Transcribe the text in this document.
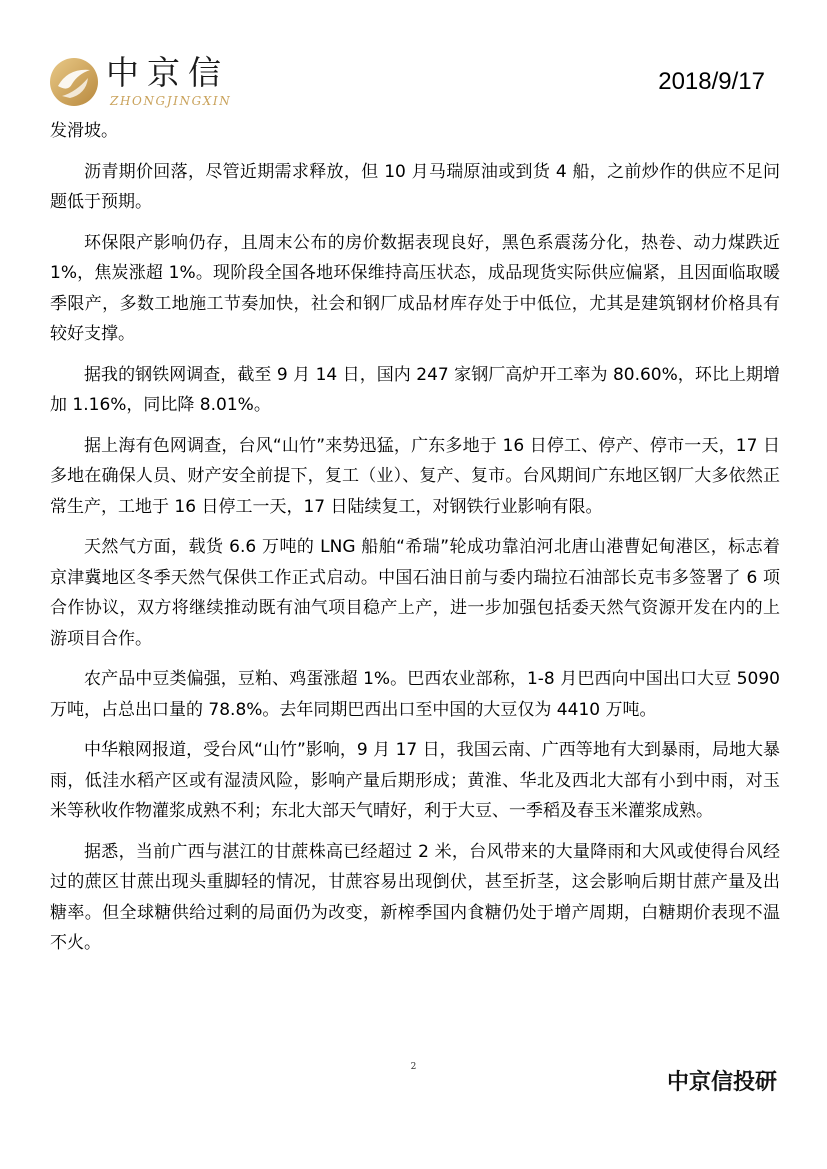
中京信
ZHONGJINGXIN
2018/9/17

发滑坡。

沥青期价回落，尽管近期需求释放，但 10 月马瑞原油或到货 4 船，之前炒作的供应不足问题低于预期。

环保限产影响仍存，且周末公布的房价数据表现良好，黑色系震荡分化，热卷、动力煤跌近 1%，焦炭涨超 1%。现阶段全国各地环保维持高压状态，成品现货实际供应偏紧，且因面临取暖季限产，多数工地施工节奏加快，社会和钢厂成品材库存处于中低位，尤其是建筑钢材价格具有较好支撑。

据我的钢铁网调查，截至 9 月 14 日，国内 247 家钢厂高炉开工率为 80.60%，环比上期增加 1.16%，同比降 8.01%。

据上海有色网调查，台风“山竹”来势迅猛，广东多地于 16 日停工、停产、停市一天，17 日多地在确保人员、财产安全前提下，复工（业）、复产、复市。台风期间广东地区钢厂大多依然正常生产，工地于 16 日停工一天，17 日陆续复工，对钢铁行业影响有限。

天然气方面，载货 6.6 万吨的 LNG 船舶“希瑞”轮成功靠泊河北唐山港曹妃甸港区，标志着京津冀地区冬季天然气保供工作正式启动。中国石油日前与委内瑞拉石油部长克韦多签署了 6 项合作协议，双方将继续推动既有油气项目稳产上产，进一步加强包括委天然气资源开发在内的上游项目合作。

农产品中豆类偏强，豆粕、鸡蛋涨超 1%。巴西农业部称，1-8 月巴西向中国出口大豆 5090 万吨，占总出口量的 78.8%。去年同期巴西出口至中国的大豆仅为 4410 万吨。

中华粮网报道，受台风“山竹”影响，9 月 17 日，我国云南、广西等地有大到暴雨，局地大暴雨，低洼水稻产区或有湿渍风险，影响产量后期形成；黄淮、华北及西北大部有小到中雨，对玉米等秋收作物灌浆成熟不利；东北大部天气晴好，利于大豆、一季稻及春玉米灌浆成熟。

据悉，当前广西与湛江的甘蔗株高已经超过 2 米，台风带来的大量降雨和大风或使得台风经过的蔗区甘蔗出现头重脚轻的情况，甘蔗容易出现倒伏，甚至折茎，这会影响后期甘蔗产量及出糖率。但全球糖供给过剩的局面仍为改变，新榨季国内食糖仍处于增产周期，白糖期价表现不温不火。

2
中京信投研
